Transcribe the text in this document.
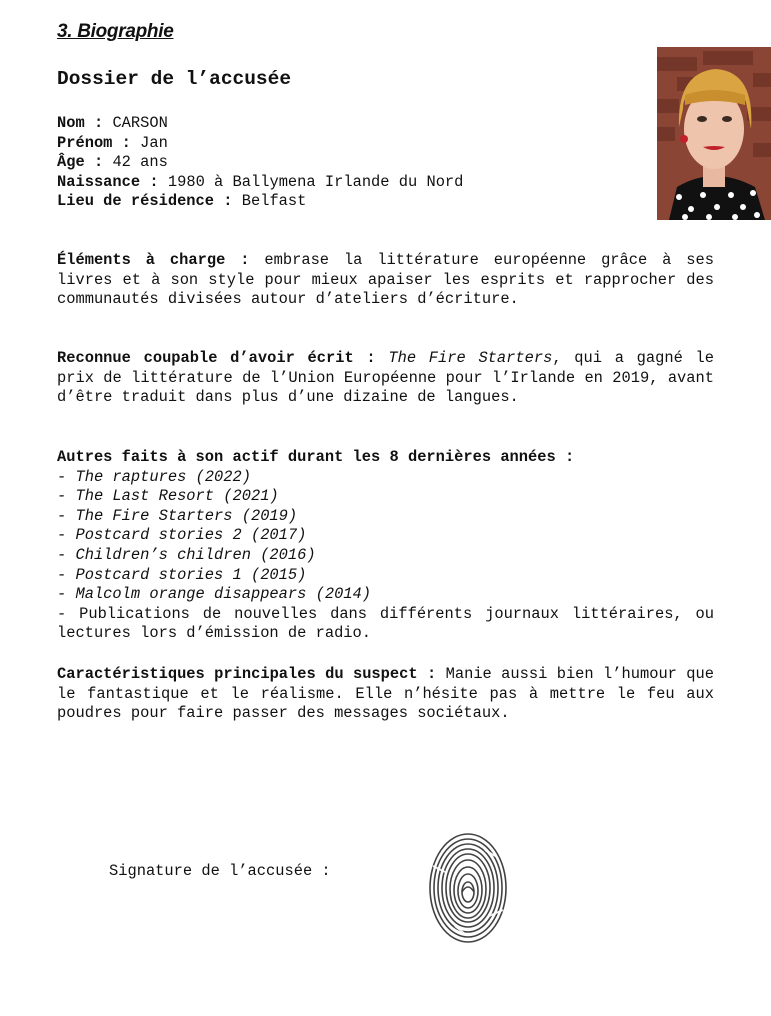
3. Biographie
Dossier de l’accusée
Nom : CARSON
Prénom : Jan
Âge : 42 ans
Naissance : 1980 à Ballymena Irlande du Nord
Lieu de résidence : Belfast

Éléments à charge : embrase la littérature européenne grâce à ses livres et à son style pour mieux apaiser les esprits et rapprocher des communautés divisées autour d’ateliers d’écriture.

Reconnue coupable d’avoir écrit : The Fire Starters, qui a gagné le prix de littérature de l’Union Européenne pour l’Irlande en 2019, avant d’être traduit dans plus d’une dizaine de langues.

Autres faits à son actif durant les 8 dernières années :
- The raptures (2022)
- The Last Resort (2021)
- The Fire Starters (2019)
- Postcard stories 2 (2017)
- Children’s children (2016)
- Postcard stories 1 (2015)
- Malcolm orange disappears (2014)
- Publications de nouvelles dans différents journaux littéraires, ou lectures lors d’émission de radio.

Caractéristiques principales du suspect : Manie aussi bien l’humour que le fantastique et le réalisme. Elle n’hésite pas à mettre le feu aux poudres pour faire passer des messages sociétaux.

Signature de l’accusée :
